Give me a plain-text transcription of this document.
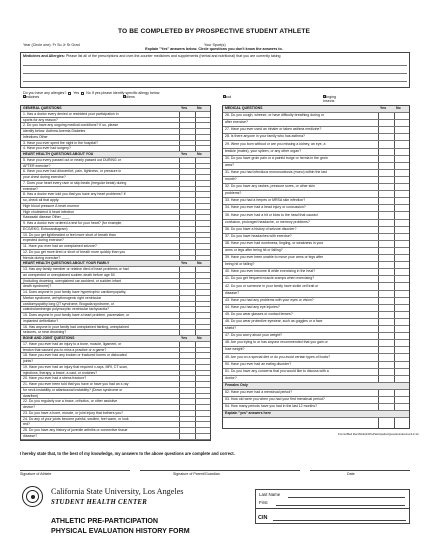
TO BE COMPLETED BY PROSPECTIVE STUDENT ATHLETE
Year (Circle one): Fr So Jr Sr Grad	Your Sport(s)
Explain "Yes" answers below. Circle questions you don't know the answers to.
Medicines and Allergies: Please list all of the prescriptions and over-the-counter medicines and supplements (herbal and nutritional) that you are currently taking
Do you have any allergies? Yes No If yes please identify specific allergy below.
Medicines	Pollens	Food	Stinging Insects
GENERAL QUESTIONS	Yes	No
1. Has a doctor every denied or restricted your participation in
sports for any reason?
2. Do you have any ongoing medical conditions? If so, please
identify below: Asthma Anemia Diabetes
Infections Other
3. Have you ever spent the night in the hospital?
4. Have you ever had surgery?
HEART HEALTH QUESTIONS ABOUT YOU	Yes	No
5. Have you every passed out or nearly passed out DURING or
AFTER exercise?
6. Have you ever had discomfort, pain, tightness, or pressure in
your chest during exercise?
7. Does your heart every race or skip beats (irregular beats) during
exercise?
8. Has a doctor ever told you that you have any heart problems? If
so, check all that apply:
High blood pressure A heart murmur
High cholesterol A heart infection
Kawasaki disease Other ____
9. Has a doctor ever ordered a test for your heart? (for example,
ECG/EKG, Echocardiogram)
10. Do you get lightheaded or feel more short of breath than
expected during exercise?
11. Have you ever had an unexplained seizure?
12. Do you get more tired or short of breath more quickly than you
friends during exercise?
HEART HEALTH QUESTIONS ABOUT YOUR FAMILY	Yes	No
13. Has any family member or relative died of heart problems or had
an unexpected or unexplained sudden death before age 50
(including drowning, unexplained car accident, or sudden infant
death syndrome)?
14. Does anyone in your family have hypertrophic cardiomyopathy,
Marfan syndrome, arrhythmogenic right ventricular
cardiomyopathy long QT syndrome, Brugada syndrome, or
catecholaminergic polymorphic ventricular tachycardia?
15. Does anyone in your family have a heart problem, pacemaker, or
implanted defibrillator?
16. Has anyone in your family had unexplained fainting, unexplained
seizures, or near drowning?
BONE AND JOINT QUESTIONS	Yes	No
17. Have you ever had an injury to a bone, muscle, ligament, or
tendon that caused you to miss a practice or a game?
18. Have you ever had any broken or fractured bones or dislocated
joints?
19. Have you ever had an injury that required x-rays, MRI, CT scan,
injections, therapy, a brace, a cast, or crutches?
20. Have you ever had a stress fracture?
21. Have you ever been told that you have or have you had an x-ray
for neck instability or atlantoaxial instability? (Down syndrome or
dwarfism)
22. Do you regularly use a brace, orthotics, or other assistive
device?
23. Do you have a bone, muscle, or joint injury that bothers you?
24. Do any of your joints become painful, swollen, feel warm, or look
red?
25. Do you have any history of juvenile arthritis or connective tissue
disease?
MEDICAL QUESTIONS	Yes	No
26. Do you cough, wheeze, or have difficulty breathing during or
after exercise?
27. Have you ever used an inhaler or taken asthma medicine?
28. Is there anyone in your family who has asthma?
29. Were you born without or are you missing a kidney, an eye, a
testicle (males), your spleen, or any other organ?
30. Do you have groin pain or a painful bulge or hernia in the groin
area?
31. Have you had infectious mononucleosis (mono) within the last
month?
32. Do you have any rashes, pressure sores, or other skin
problems?
33. Have you had a herpes or MRSA skin infection?
34. Have you ever had a head injury or concussion?
35. Have you ever had a hit or blow to the head that caused
confusion, prolonged headache, or memory problems?
36. Do you have a history of seizure disorder?
37. Do you have headaches with exercise?
38. Have you ever had numbness, tingling, or weakness in your
arms or legs after being hit or falling?
39. Have you ever been unable to move your arms or legs after
being hit or falling?
40. Have you ever become ill while exercising in the heat?
41. Do you get frequent muscle cramps when exercising?
42. Do you or someone in your family have sickle cell trait or
disease?
43. Have you had any problems with your eyes or vision?
44. Have you had any eye injuries?
45. Do you wear glasses or contact lenses?
46. Do you wear protective eyewear, such as goggles or a face
shield?
47. Do you worry about your weight?
48. Are you trying to or has anyone recommended that you gain or
lose weight?
49. Are you on a special diet or do you avoid certain types of foods?
50. Have you ever had an eating disorder?
51. Do you have any concerns that you would like to discuss with a
doctor?
Females Only
52. Have you ever had a menstrual period?
53. How old were you when you had your first menstrual period?
54. How many periods have you had in the last 12 months?
Explain "yes" answers here
Forms/Med Rec/Athletic/PreParticipationQuestionnaire/rev4-2-12
I hereby state that, to the best of my knowledge, my answers to the above questions are complete and correct.
Signature of Athlete	Signature of Parent/Guardian	Date
California State University, Los Angeles
STUDENT HEALTH CENTER
ATHLETIC PRE-PARTICIPATION
PHYSICAL EVALUATION HISTORY FORM
Last Name
First
CIN
